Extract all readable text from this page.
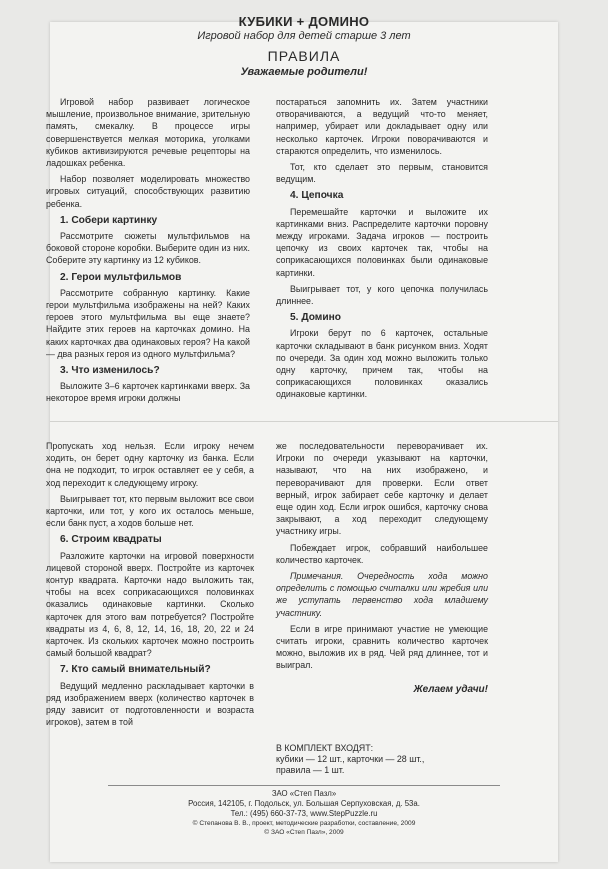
КУБИКИ + ДОМИНО
Игровой набор для детей старше 3 лет
ПРАВИЛА
Уважаемые родители!

Игровой набор развивает логическое мышление, произвольное внимание, зрительную память, смекалку. В процессе игры совершенствуется мелкая моторика, уголками кубиков активизируются речевые рецепторы на ладошках ребенка.

Набор позволяет моделировать множество игровых ситуаций, способствующих развитию ребенка.

1. Собери картинку

Рассмотрите сюжеты мультфильмов на боковой стороне коробки. Выберите один из них. Соберите эту картинку из 12 кубиков.

2. Герои мультфильмов

Рассмотрите собранную картинку. Какие герои мультфильма изображены на ней? Каких героев этого мультфильма вы еще знаете? Найдите этих героев на карточках домино. На каких карточках два одинаковых героя? На какой — два разных героя из одного мультфильма?

3. Что изменилось?

Выложите 3–6 карточек картинками вверх. За некоторое время игроки должны

постараться запомнить их. Затем участники отворачиваются, а ведущий что-то меняет, например, убирает или докладывает одну или несколько карточек. Игроки поворачиваются и стараются определить, что изменилось.

Тот, кто сделает это первым, становится ведущим.

4. Цепочка

Перемешайте карточки и выложите их картинками вниз. Распределите карточки поровну между игроками. Задача игроков — построить цепочку из своих карточек так, чтобы на соприкасающихся половинках были одинаковые картинки.

Выигрывает тот, у кого цепочка получилась длиннее.

5. Домино

Игроки берут по 6 карточек, остальные карточки складывают в банк рисунком вниз. Ходят по очереди. За один ход можно выложить только одну карточку, причем так, чтобы на соприкасающихся половинках оказались одинаковые картинки.

Пропускать ход нельзя. Если игроку нечем ходить, он берет одну карточку из банка. Если она не подходит, то игрок оставляет ее у себя, а ход переходит к следующему игроку.

Выигрывает тот, кто первым выложит все свои карточки, или тот, у кого их осталось меньше, если банк пуст, а ходов больше нет.

6. Строим квадраты

Разложите карточки на игровой поверхности лицевой стороной вверх. Постройте из карточек контур квадрата. Карточки надо выложить так, чтобы на всех соприкасающихся половинках оказались одинаковые картинки. Сколько карточек для этого вам потребуется? Постройте квадраты из 4, 6, 8, 12, 14, 16, 18, 20, 22 и 24 карточек. Из скольких карточек можно построить самый большой квадрат?

7. Кто самый внимательный?

Ведущий медленно раскладывает карточки в ряд изображением вверх (количество карточек в ряду зависит от подготовленности и возраста игроков), затем в той

же последовательности переворачивает их. Игроки по очереди указывают на карточки, называют, что на них изображено, и переворачивают для проверки. Если ответ верный, игрок забирает себе карточку и делает еще один ход. Если игрок ошибся, карточку снова закрывают, а ход переходит следующему участнику игры.

Побеждает игрок, собравший наибольшее количество карточек.

Примечания. Очередность хода можно определить с помощью считалки или жребия или же уступать первенство хода младшему участнику.

Если в игре принимают участие не умеющие считать игроки, сравнить количество карточек можно, выложив их в ряд. Чей ряд длиннее, тот и выиграл.

Желаем удачи!
В КОМПЛЕКТ ВХОДЯТ:
кубики — 12 шт., карточки — 28 шт.,
правила — 1 шт.
ЗАО «Степ Пазл»
Россия, 142105, г. Подольск, ул. Большая Серпуховская, д. 53а.
Тел.: (495) 660-37-73, www.StepPuzzle.ru
© Степанова В. В., проект, методические разработки, составление, 2009
© ЗАО «Степ Пазл», 2009
